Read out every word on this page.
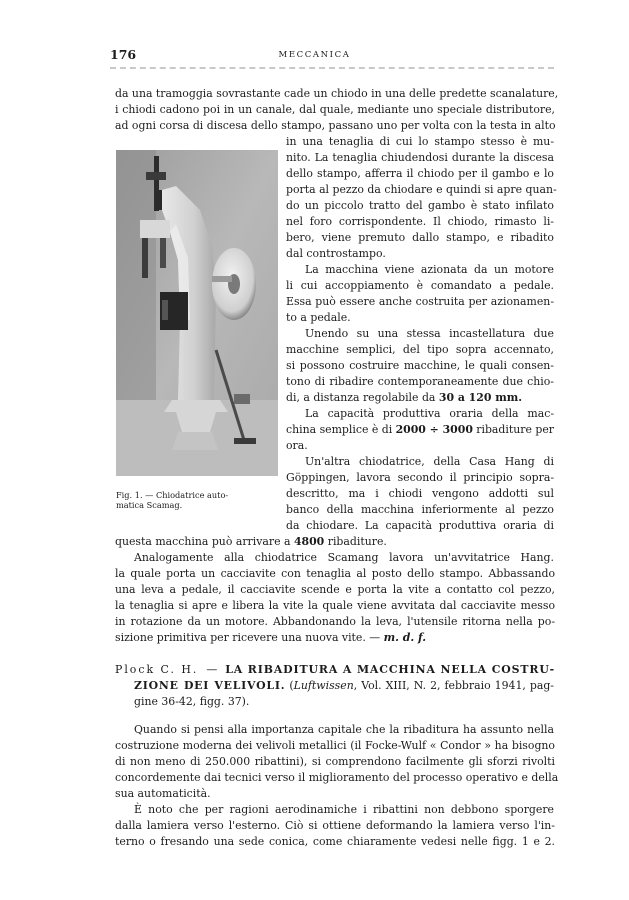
176	MECCANICA
da una tramoggia sovrastante cade un chiodo in una delle predette scanalature,
i chiodi cadono poi in un canale, dal quale, mediante uno speciale distributore,
ad ogni corsa di discesa dello stampo, passano uno per volta con la testa in alto
in una tenaglia di cui lo stampo stesso è mu-
nito. La tenaglia chiudendosi durante la discesa
dello stampo, afferra il chiodo per il gambo e lo
porta al pezzo da chiodare e quindi si apre quan-
do un piccolo tratto del gambo è stato infilato
nel foro corrispondente. Il chiodo, rimasto li-
bero, viene premuto dallo stampo, e ribadito
dal controstampo.
La macchina viene azionata da un motore
li cui accoppiamento è comandato a pedale.
Essa può essere anche costruita per azionamen-
to a pedale.
Unendo su una stessa incastellatura due
macchine semplici, del tipo sopra accennato,
si possono costruire macchine, le quali consen-
tono di ribadire contemporaneamente due chio-
di, a distanza regolabile da 30 a 120 mm.
La capacità produttiva oraria della mac-
china semplice è di 2000 ÷ 3000 ribaditure per
ora.
Un'altra chiodatrice, della Casa Hang di
Göppingen, lavora secondo il principio sopra-
descritto, ma i chiodi vengono addotti sul
banco della macchina inferiormente al pezzo
da chiodare. La capacità produttiva oraria di
Fig. 1. — Chiodatrice auto-
matica Scamag.
questa macchina può arrivare a 4800 ribaditure.
Analogamente alla chiodatrice Scamang lavora un'avvitatrice Hang.
la quale porta un cacciavite con tenaglia al posto dello stampo. Abbassando
una leva a pedale, il cacciavite scende e porta la vite a contatto col pezzo,
la tenaglia si apre e libera la vite la quale viene avvitata dal cacciavite messo
in rotazione da un motore. Abbandonando la leva, l'utensile ritorna nella po-
sizione primitiva per ricevere una nuova vite. — m. d. f.
Plock C. H. — LA RIBADITURA A MACCHINA NELLA COSTRU-
ZIONE DEI VELIVOLI. (Luftwissen, Vol. XIII, N. 2, febbraio 1941, pag-
gine 36-42, figg. 37).
Quando si pensi alla importanza capitale che la ribaditura ha assunto nella
costruzione moderna dei velivoli metallici (il Focke-Wulf « Condor » ha bisogno
di non meno di 250.000 ribattini), si comprendono facilmente gli sforzi rivolti
concordemente dai tecnici verso il miglioramento del processo operativo e della
sua automaticità.
È noto che per ragioni aerodinamiche i ribattini non debbono sporgere
dalla lamiera verso l'esterno. Ciò si ottiene deformando la lamiera verso l'in-
terno o fresando una sede conica, come chiaramente vedesi nelle figg. 1 e 2.
